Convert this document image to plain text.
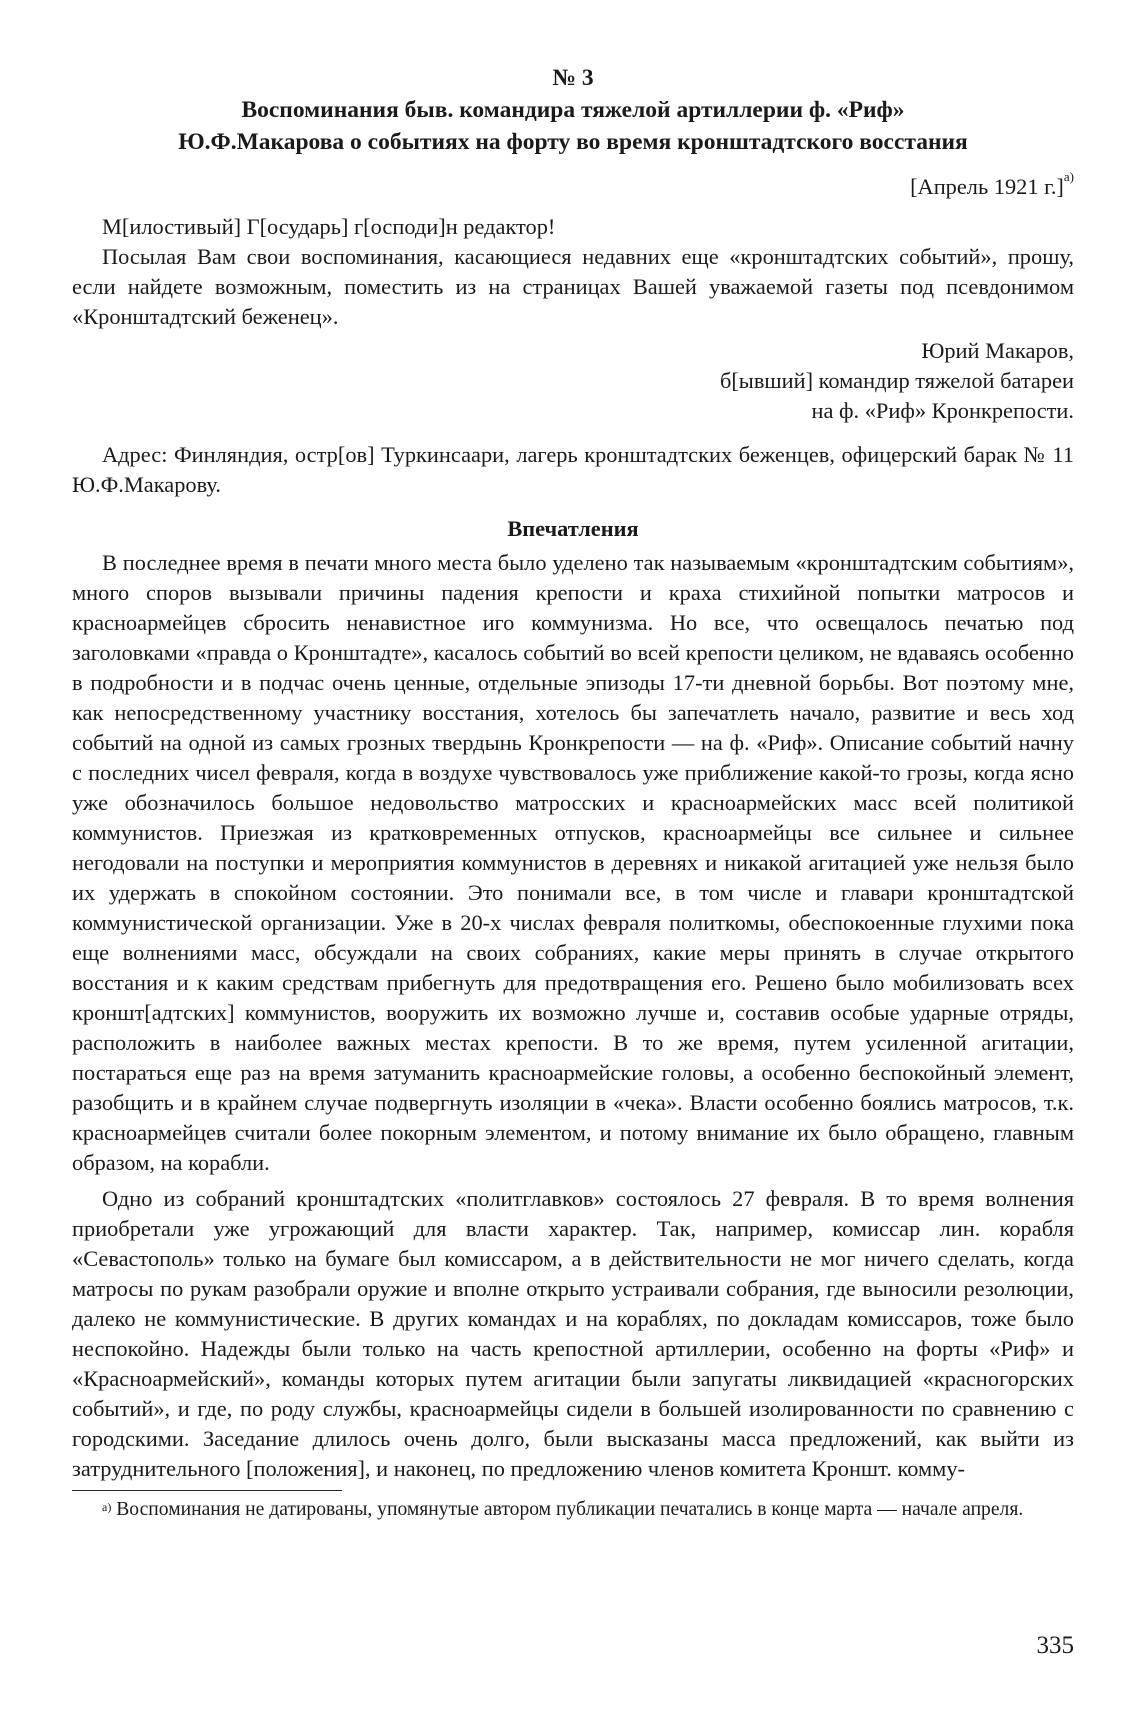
№ 3
Воспоминания быв. командира тяжелой артиллерии ф. «Риф»
Ю.Ф.Макарова о событиях на форту во время кронштадтского восстания
[Апрель 1921 г.]$^{a)}$
М[илостивый] Г[осударь] г[осподи]н редактор!

Посылая Вам свои воспоминания, касающиеся недавних еще «кронштадтских событий», прошу, если найдете возможным, поместить из на страницах Вашей уважаемой газеты под псевдонимом «Кронштадтский беженец».

Юрий Макаров,
б[ывший] командир тяжелой батареи
на ф. «Риф» Кронкрепости.

Адрес: Финляндия, остр[ов] Туркинсаари, лагерь кронштадтских беженцев, офицерский барак № 11 Ю.Ф.Макарову.

Впечатления

В последнее время в печати много места было уделено так называемым «кронштадтским событиям», много споров вызывали причины падения крепости и краха стихийной попытки матросов и красноармейцев сбросить ненавистное иго коммунизма. Но все, что освещалось печатью под заголовками «правда о Кронштадте», касалось событий во всей крепости целиком, не вдаваясь особенно в подробности и в подчас очень ценные, отдельные эпизоды 17-ти дневной борьбы. Вот поэтому мне, как непосредственному участнику восстания, хотелось бы запечатлеть начало, развитие и весь ход событий на одной из самых грозных твердынь Кронкрепости — на ф. «Риф». Описание событий начну с последних чисел февраля, когда в воздухе чувствовалось уже приближение какой-то грозы, когда ясно уже обозначилось большое недовольство матросских и красноармейских масс всей политикой коммунистов. Приезжая из кратковременных отпусков, красноармейцы все сильнее и сильнее негодовали на поступки и мероприятия коммунистов в деревнях и никакой агитацией уже нельзя было их удержать в спокойном состоянии. Это понимали все, в том числе и главари кронштадтской коммунистической организации. Уже в 20-х числах февраля политкомы, обеспокоенные глухими пока еще волнениями масс, обсуждали на своих собраниях, какие меры принять в случае открытого восстания и к каким средствам прибегнуть для предотвращения его. Решено было мобилизовать всех кроншт[адтских] коммунистов, вооружить их возможно лучше и, составив особые ударные отряды, расположить в наиболее важных местах крепости. В то же время, путем усиленной агитации, постараться еще раз на время затуманить красноармейские головы, а особенно беспокойный элемент, разобщить и в крайнем случае подвергнуть изоляции в «чека». Власти особенно боялись матросов, т.к. красноармейцев считали более покорным элементом, и потому внимание их было обращено, главным образом, на корабли.

Одно из собраний кронштадтских «политглавков» состоялось 27 февраля. В то время волнения приобретали уже угрожающий для власти характер. Так, например, комиссар лин. корабля «Севастополь» только на бумаге был комиссаром, а в действительности не мог ничего сделать, когда матросы по рукам разобрали оружие и вполне открыто устраивали собрания, где выносили резолюции, далеко не коммунистические. В других командах и на кораблях, по докладам комиссаров, тоже было неспокойно. Надежды были только на часть крепостной артиллерии, особенно на форты «Риф» и «Красноармейский», команды которых путем агитации были запугаты ликвидацией «красногорских событий», и где, по роду службы, красноармейцы сидели в большей изолированности по сравнению с городскими. Заседание длилось очень долго, были высказаны масса предложений, как выйти из затруднительного [положения], и наконец, по предложению членов комитета Кроншт. комму-

$^{a)}$ Воспоминания не датированы, упомянутые автором публикации печатались в конце марта — начале апреля.
335
